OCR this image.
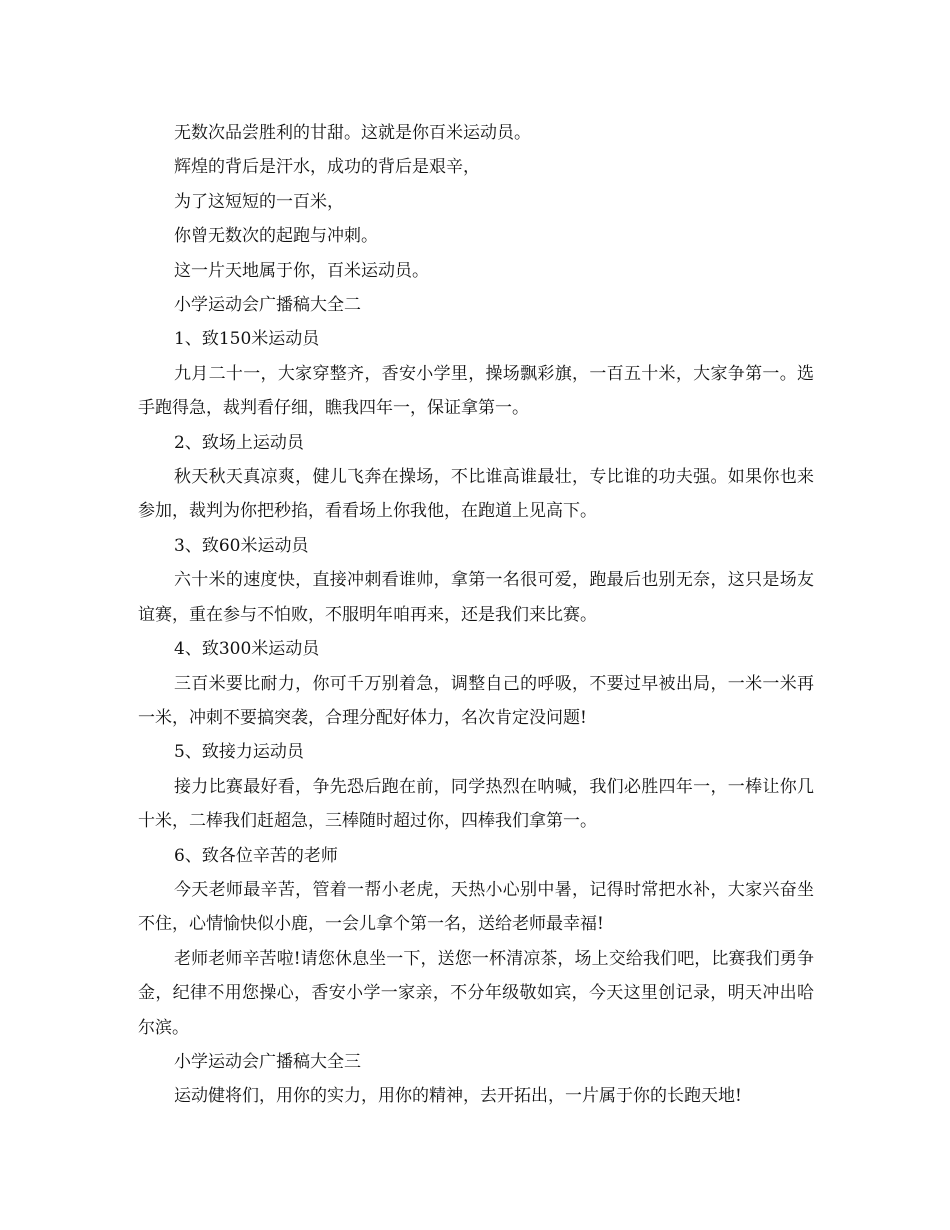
无数次品尝胜利的甘甜。这就是你百米运动员。

辉煌的背后是汗水，成功的背后是艰辛，

为了这短短的一百米，

你曾无数次的起跑与冲刺。

这一片天地属于你，百米运动员。

小学运动会广播稿大全二

1、致150米运动员

九月二十一，大家穿整齐，香安小学里，操场飘彩旗，一百五十米，大家争第一。选手跑得急，裁判看仔细，瞧我四年一，保证拿第一。

2、致场上运动员

秋天秋天真凉爽，健儿飞奔在操场，不比谁高谁最壮，专比谁的功夫强。如果你也来参加，裁判为你把秒掐，看看场上你我他，在跑道上见高下。

3、致60米运动员

六十米的速度快，直接冲刺看谁帅，拿第一名很可爱，跑最后也别无奈，这只是场友谊赛，重在参与不怕败，不服明年咱再来，还是我们来比赛。

4、致300米运动员

三百米要比耐力，你可千万别着急，调整自己的呼吸，不要过早被出局，一米一米再一米，冲刺不要搞突袭，合理分配好体力，名次肯定没问题!

5、致接力运动员

接力比赛最好看，争先恐后跑在前，同学热烈在呐喊，我们必胜四年一，一棒让你几十米，二棒我们赶超急，三棒随时超过你，四棒我们拿第一。

6、致各位辛苦的老师

今天老师最辛苦，管着一帮小老虎，天热小心别中暑，记得时常把水补，大家兴奋坐不住，心情愉快似小鹿，一会儿拿个第一名，送给老师最幸福!

老师老师辛苦啦!请您休息坐一下，送您一杯清凉茶，场上交给我们吧，比赛我们勇争金，纪律不用您操心，香安小学一家亲，不分年级敬如宾，今天这里创记录，明天冲出哈尔滨。

小学运动会广播稿大全三

运动健将们，用你的实力，用你的精神，去开拓出，一片属于你的长跑天地!
